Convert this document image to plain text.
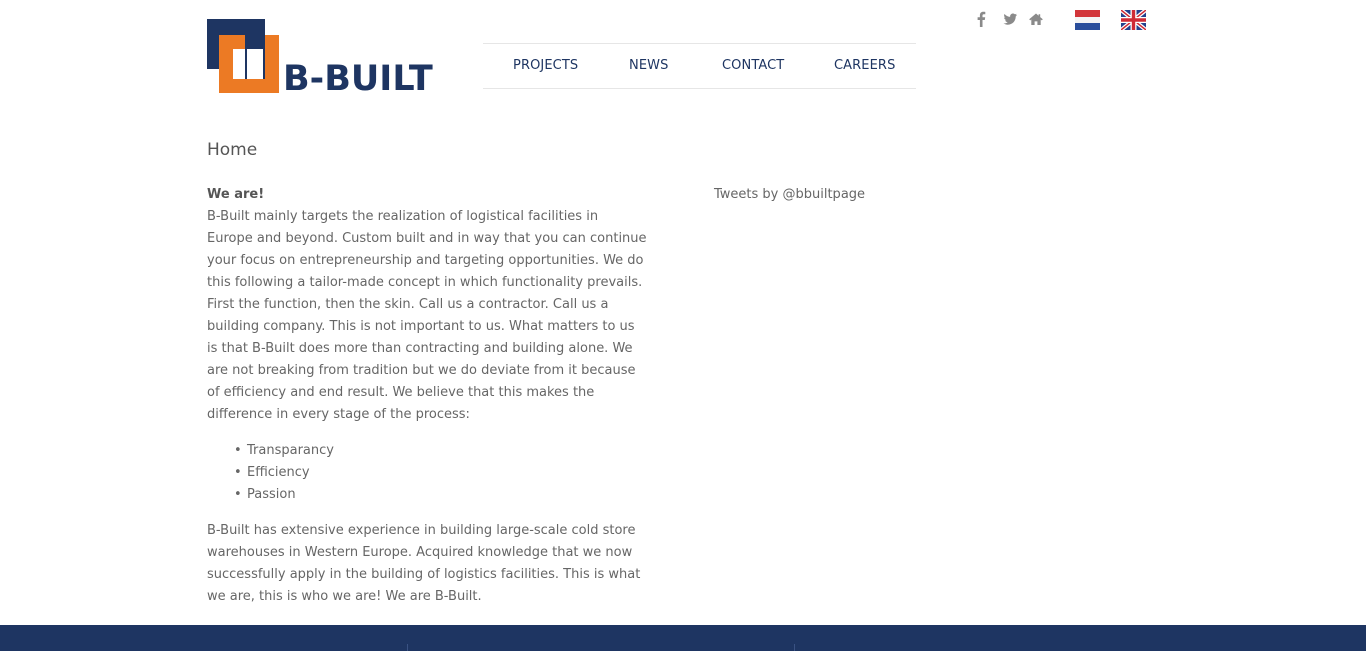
B-BUILT	PROJECTS	NEWS	CONTACT	CAREERS
Home
We are!

B-Built mainly targets the realization of logistical facilities in Europe and beyond. Custom built and in way that you can continue your focus on entrepreneurship and targeting opportunities. We do this following a tailor-made concept in which functionality prevails. First the function, then the skin. Call us a contractor. Call us a building company. This is not important to us. What matters to us is that B-Built does more than contracting and building alone. We are not breaking from tradition but we do deviate from it because of efficiency and end result. We believe that this makes the difference in every stage of the process:

• Transparancy
• Efficiency
• Passion

B-Built has extensive experience in building large-scale cold store warehouses in Western Europe. Acquired knowledge that we now successfully apply in the building of logistics facilities. This is what we are, this is who we are! We are B-Built.

Tweets by @bbuiltpage
